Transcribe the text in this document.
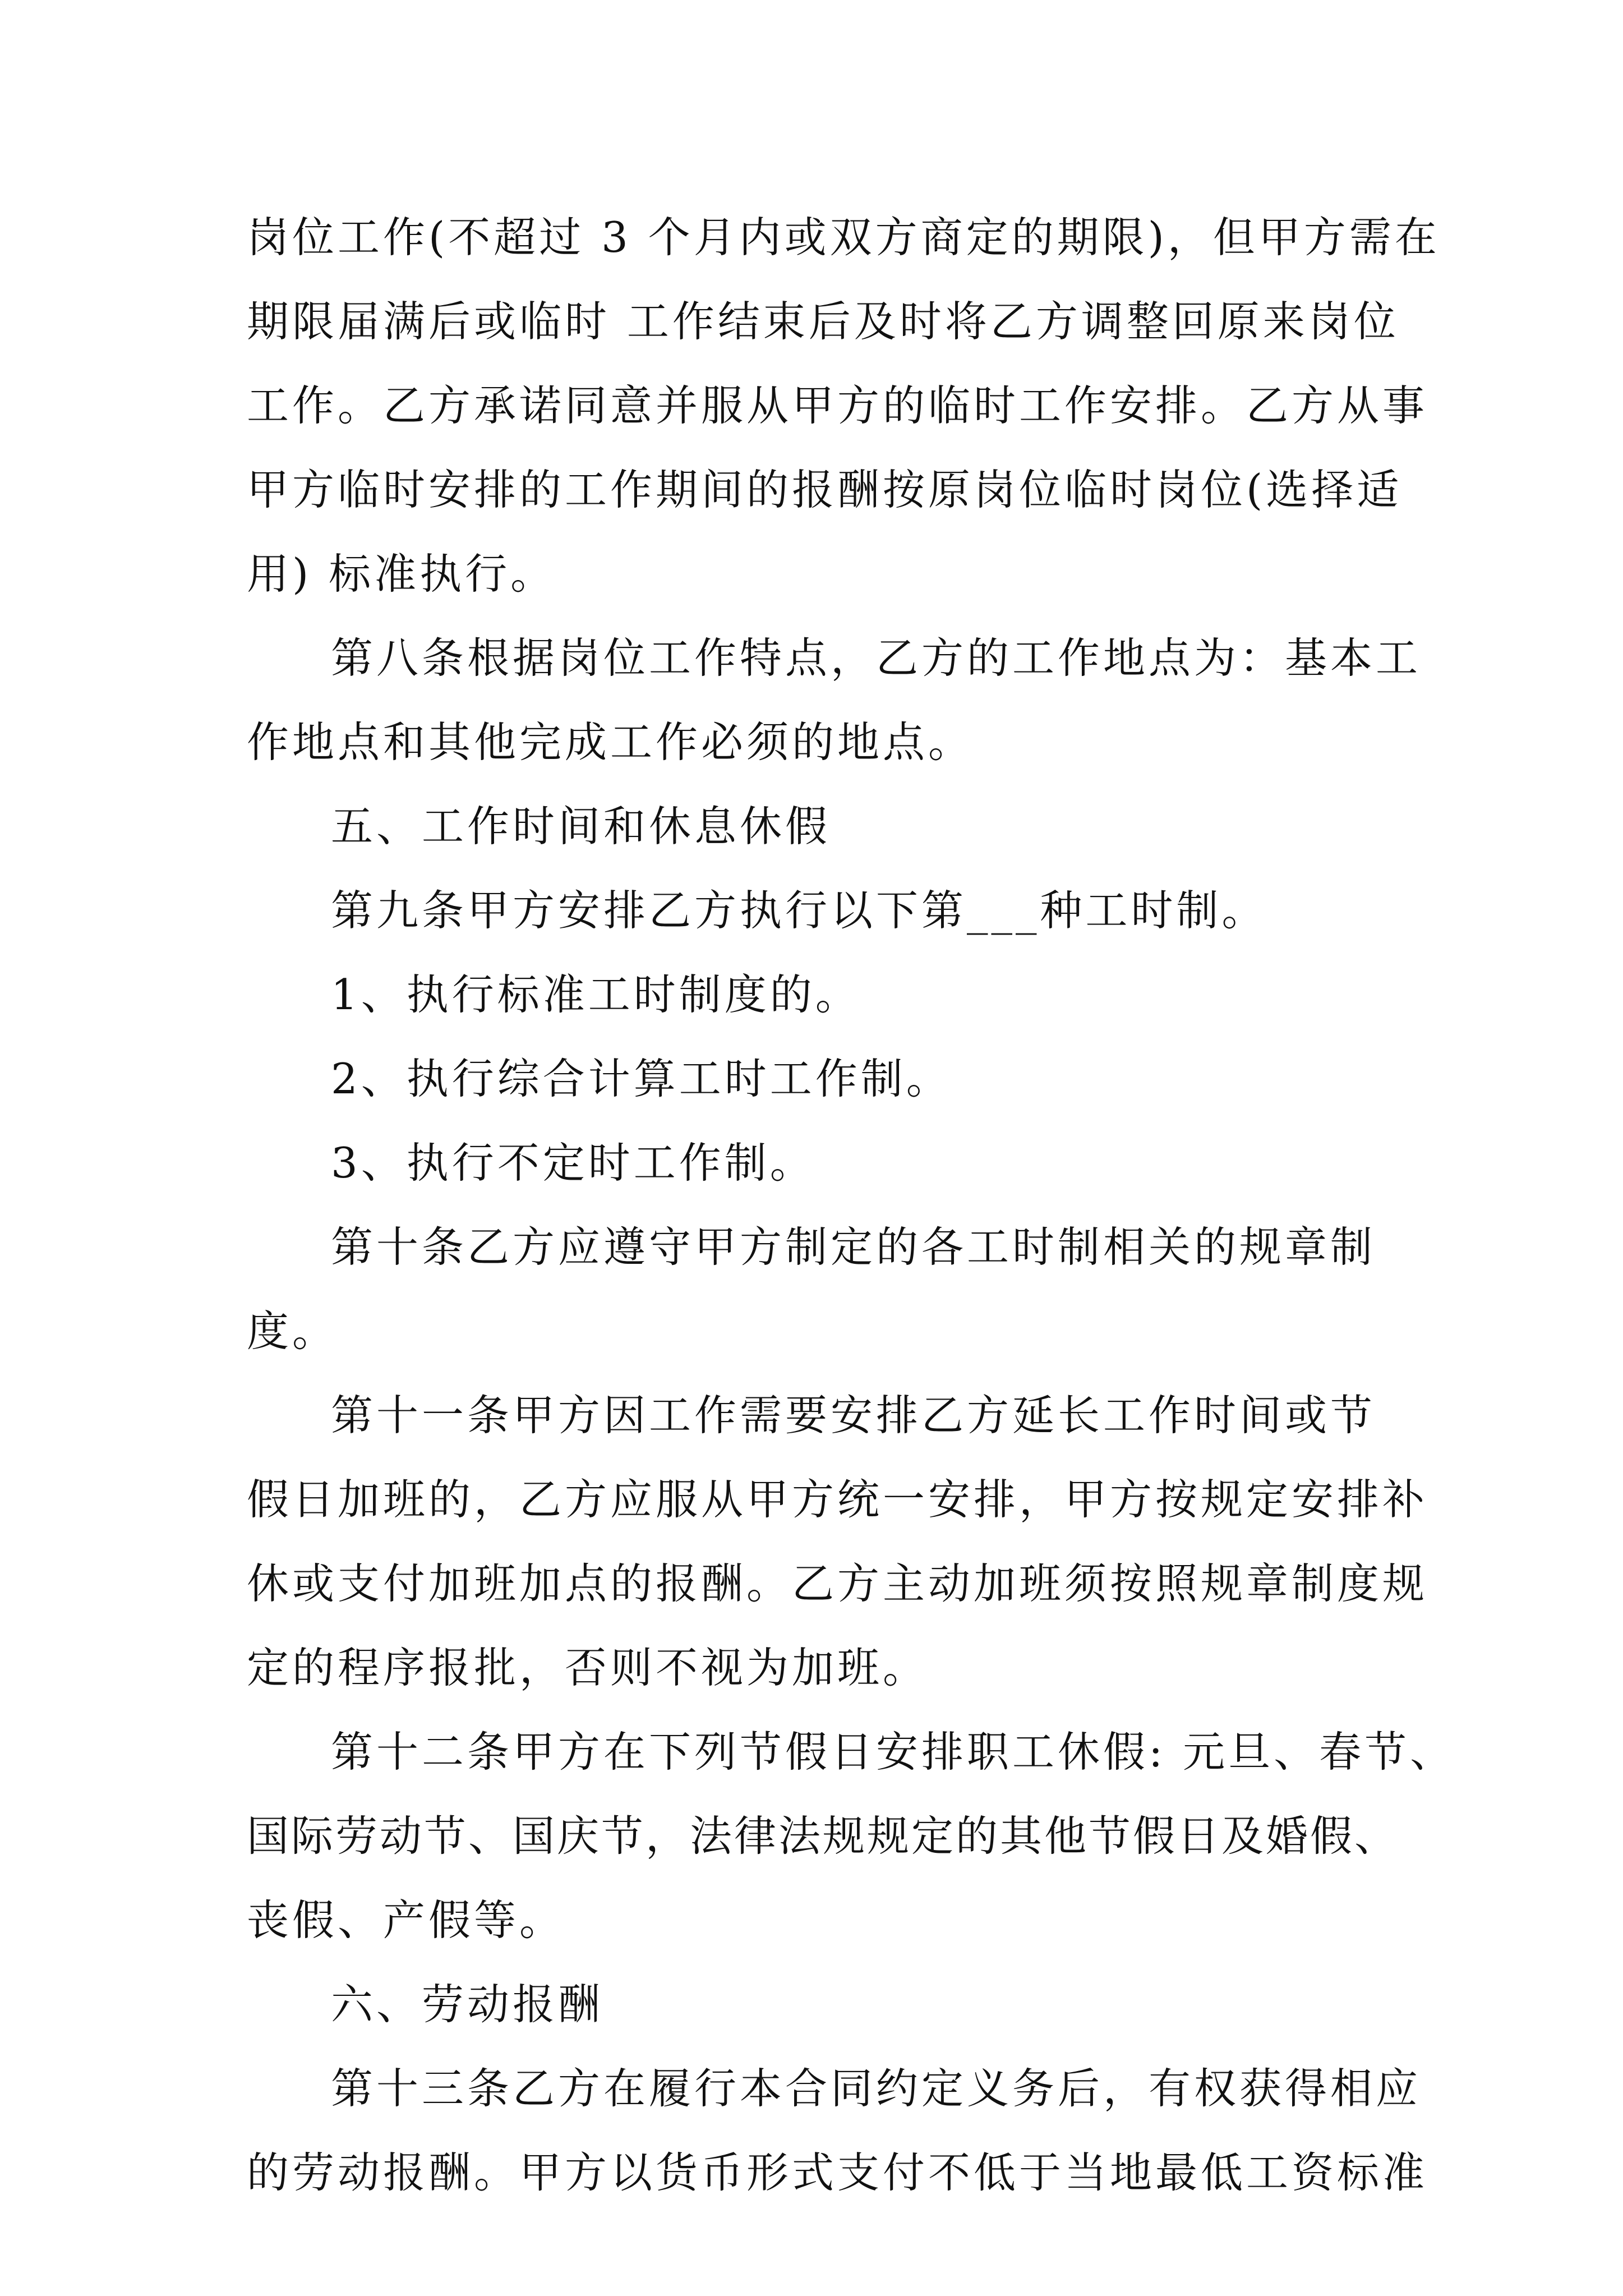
岗位工作(不超过 3 个月内或双方商定的期限)，但甲方需在
期限届满后或临时 工作结束后及时将乙方调整回原来岗位
工作。乙方承诺同意并服从甲方的临时工作安排。乙方从事
甲方临时安排的工作期间的报酬按原岗位临时岗位(选择适
用) 标准执行。
第八条根据岗位工作特点，乙方的工作地点为：基本工
作地点和其他完成工作必须的地点。
五、工作时间和休息休假
第九条甲方安排乙方执行以下第___种工时制。
1、执行标准工时制度的。
2、执行综合计算工时工作制。
3、执行不定时工作制。
第十条乙方应遵守甲方制定的各工时制相关的规章制
度。
第十一条甲方因工作需要安排乙方延长工作时间或节
假日加班的，乙方应服从甲方统一安排，甲方按规定安排补
休或支付加班加点的报酬。乙方主动加班须按照规章制度规
定的程序报批，否则不视为加班。
第十二条甲方在下列节假日安排职工休假: 元旦、春节、
国际劳动节、国庆节，法律法规规定的其他节假日及婚假、
丧假、产假等。
六、劳动报酬
第十三条乙方在履行本合同约定义务后，有权获得相应
的劳动报酬。甲方以货币形式支付不低于当地最低工资标准
